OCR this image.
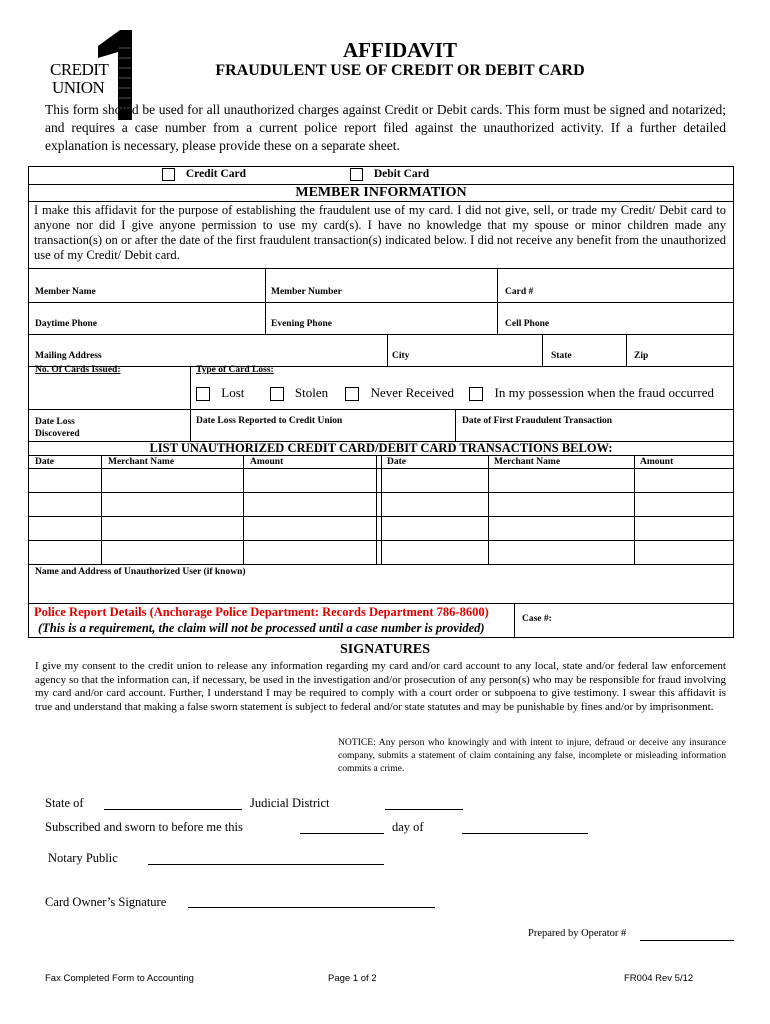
CREDIT
UNION
AFFIDAVIT
FRAUDULENT USE OF CREDIT OR DEBIT CARD
This form should be used for all unauthorized charges against Credit or Debit cards. This form must be signed and notarized; and requires a case number from a current police report filed against the unauthorized activity. If a further detailed explanation is necessary, please provide these on a separate sheet.
Credit Card	Debit Card
MEMBER INFORMATION
I make this affidavit for the purpose of establishing the fraudulent use of my card. I did not give, sell, or trade my Credit/ Debit card to anyone nor did I give anyone permission to use my card(s). I have no knowledge that my spouse or minor children made any transaction(s) on or after the date of the first fraudulent transaction(s) indicated below. I did not receive any benefit from the unauthorized use of my Credit/ Debit card.
Member Name	Member Number	Card #
Daytime Phone	Evening Phone	Cell Phone
Mailing Address	City	State	Zip
No. Of Cards Issued:	Type of Card Loss:
Lost	Stolen	Never Received	In my possession when the fraud occurred
Date Loss
Discovered
Date Loss Reported to Credit Union	Date of First Fraudulent Transaction
LIST UNAUTHORIZED CREDIT CARD/DEBIT CARD TRANSACTIONS BELOW:
Date	Merchant Name	Amount	Date	Merchant Name	Amount
Name and Address of Unauthorized User (if known)
Police Report Details (Anchorage Police Department: Records Department 786-8600)
(This is a requirement, the claim will not be processed until a case number is provided)
Case #:
SIGNATURES
I give my consent to the credit union to release any information regarding my card and/or card account to any local, state and/or federal law enforcement agency so that the information can, if necessary, be used in the investigation and/or prosecution of any person(s) who may be responsible for fraud involving my card and/or card account. Further, I understand I may be required to comply with a court order or subpoena to give testimony. I swear this affidavit is true and understand that making a false sworn statement is subject to federal and/or state statutes and may be punishable by fines and/or by imprisonment.
NOTICE: Any person who knowingly and with intent to injure, defraud or deceive any insurance company, submits a statement of claim containing any false, incomplete or misleading information commits a crime.
State of	Judicial District
Subscribed and sworn to before me this	day of
Notary Public
Card Owner’s Signature
Prepared by Operator #
Fax Completed Form to Accounting	Page 1 of 2	FR004 Rev 5/12
